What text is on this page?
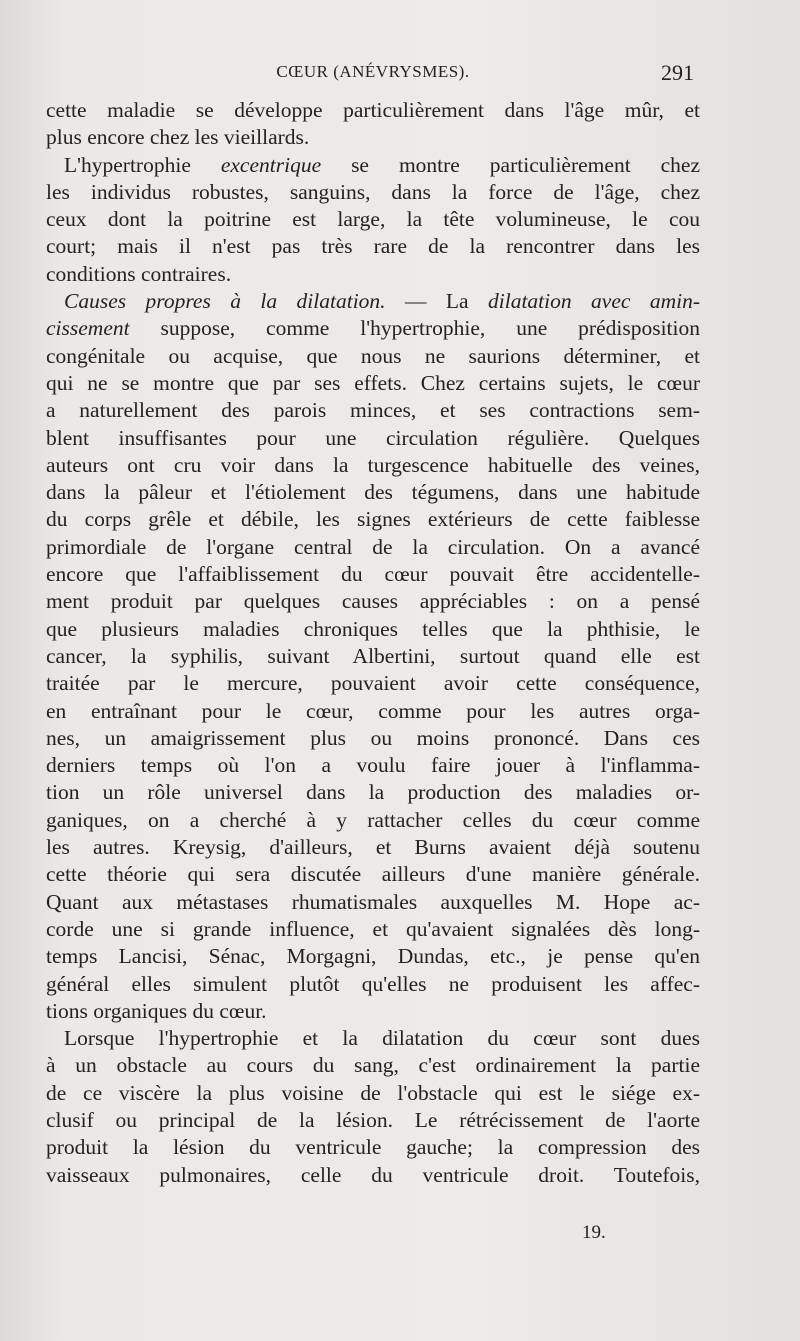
CŒUR (ANÉVRYSMES).	291
cette maladie se développe particulièrement dans l'âge mûr, et
plus encore chez les vieillards.
L'hypertrophie excentrique se montre particulièrement chez
les individus robustes, sanguins, dans la force de l'âge, chez
ceux dont la poitrine est large, la tête volumineuse, le cou
court; mais il n'est pas très rare de la rencontrer dans les
conditions contraires.
Causes propres à la dilatation. — La dilatation avec amin-
cissement suppose, comme l'hypertrophie, une prédisposition
congénitale ou acquise, que nous ne saurions déterminer, et
qui ne se montre que par ses effets. Chez certains sujets, le cœur
a naturellement des parois minces, et ses contractions sem-
blent insuffisantes pour une circulation régulière. Quelques
auteurs ont cru voir dans la turgescence habituelle des veines,
dans la pâleur et l'étiolement des tégumens, dans une habitude
du corps grêle et débile, les signes extérieurs de cette faiblesse
primordiale de l'organe central de la circulation. On a avancé
encore que l'affaiblissement du cœur pouvait être accidentelle-
ment produit par quelques causes appréciables : on a pensé
que plusieurs maladies chroniques telles que la phthisie, le
cancer, la syphilis, suivant Albertini, surtout quand elle est
traitée par le mercure, pouvaient avoir cette conséquence,
en entraînant pour le cœur, comme pour les autres orga-
nes, un amaigrissement plus ou moins prononcé. Dans ces
derniers temps où l'on a voulu faire jouer à l'inflamma-
tion un rôle universel dans la production des maladies or-
ganiques, on a cherché à y rattacher celles du cœur comme
les autres. Kreysig, d'ailleurs, et Burns avaient déjà soutenu
cette théorie qui sera discutée ailleurs d'une manière générale.
Quant aux métastases rhumatismales auxquelles M. Hope ac-
corde une si grande influence, et qu'avaient signalées dès long-
temps Lancisi, Sénac, Morgagni, Dundas, etc., je pense qu'en
général elles simulent plutôt qu'elles ne produisent les affec-
tions organiques du cœur.
Lorsque l'hypertrophie et la dilatation du cœur sont dues
à un obstacle au cours du sang, c'est ordinairement la partie
de ce viscère la plus voisine de l'obstacle qui est le siége ex-
clusif ou principal de la lésion. Le rétrécissement de l'aorte
produit la lésion du ventricule gauche; la compression des
vaisseaux pulmonaires, celle du ventricule droit. Toutefois,
19.
